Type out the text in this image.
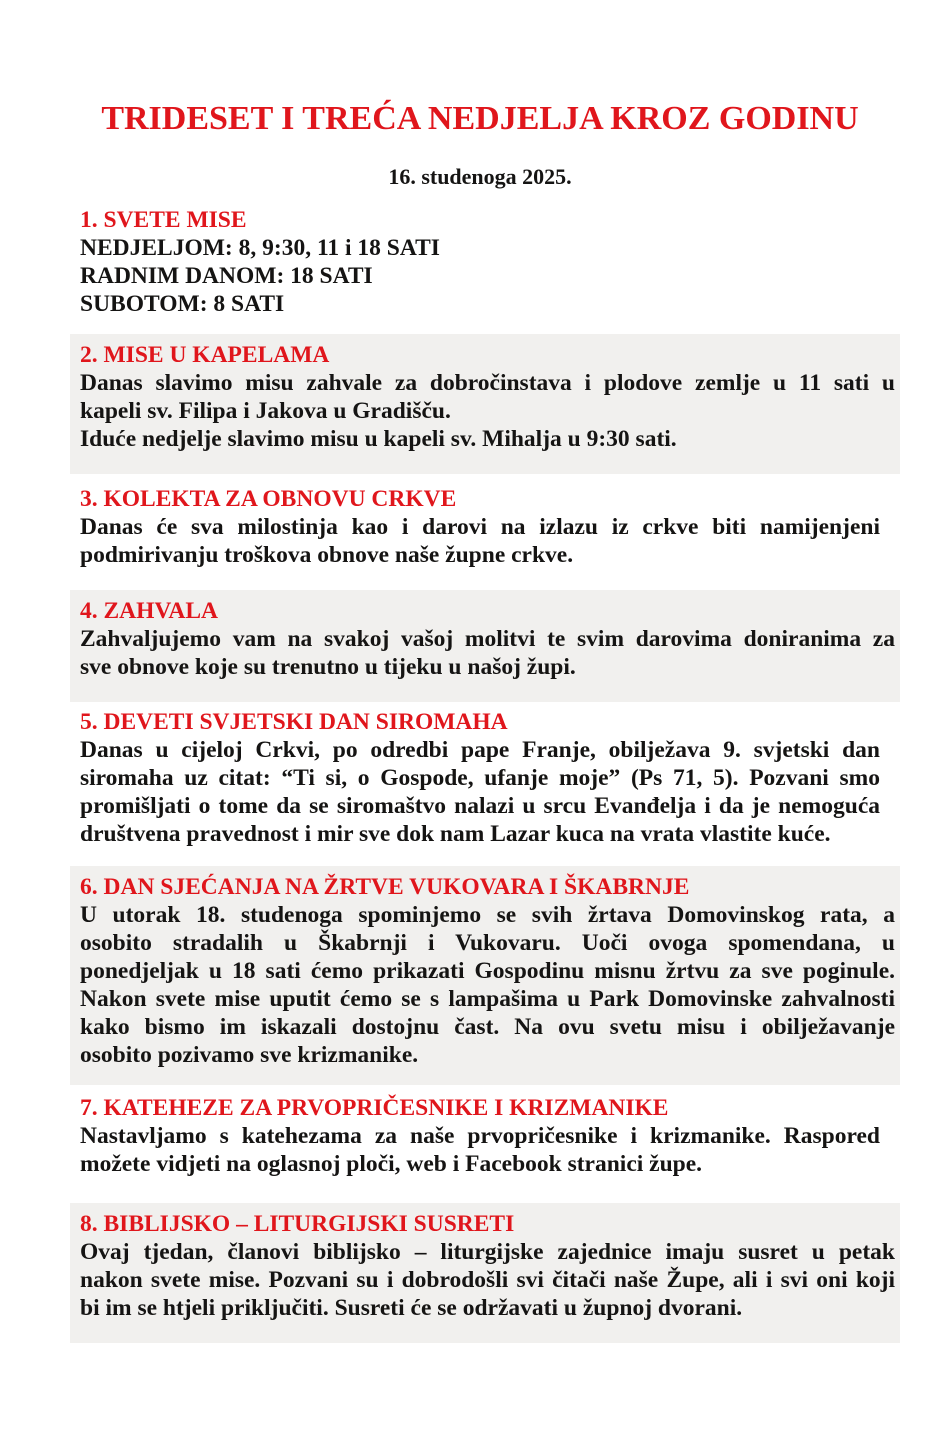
TRIDESET I TREĆA NEDJELJA KROZ GODINU
16. studenoga 2025.
1. SVETE MISE
NEDJELJOM: 8, 9:30, 11 i 18 SATI
RADNIM DANOM: 18 SATI
SUBOTOM: 8 SATI
2. MISE U KAPELAMA
Danas slavimo misu zahvale za dobročinstava i plodove zemlje u 11 sati u
kapeli sv. Filipa i Jakova u Gradišču.
Iduće nedjelje slavimo misu u kapeli sv. Mihalja u 9:30 sati.
3. KOLEKTA ZA OBNOVU CRKVE
Danas će sva milostinja kao i darovi na izlazu iz crkve biti namijenjeni
podmirivanju troškova obnove naše župne crkve.
4. ZAHVALA
Zahvaljujemo vam na svakoj vašoj molitvi te svim darovima doniranima za
sve obnove koje su trenutno u tijeku u našoj župi.
5. DEVETI SVJETSKI DAN SIROMAHA
Danas u cijeloj Crkvi, po odredbi pape Franje, obilježava 9. svjetski dan
siromaha uz citat: “Ti si, o Gospode, ufanje moje” (Ps 71, 5). Pozvani smo
promišljati o tome da se siromaštvo nalazi u srcu Evanđelja i da je nemoguća
društvena pravednost i mir sve dok nam Lazar kuca na vrata vlastite kuće.
6. DAN SJEĆANJA NA ŽRTVE VUKOVARA I ŠKABRNJE
U utorak 18. studenoga spominjemo se svih žrtava Domovinskog rata, a
osobito stradalih u Škabrnji i Vukovaru. Uoči ovoga spomendana, u
ponedjeljak u 18 sati ćemo prikazati Gospodinu misnu žrtvu za sve poginule.
Nakon svete mise uputit ćemo se s lampašima u Park Domovinske zahvalnosti
kako bismo im iskazali dostojnu čast. Na ovu svetu misu i obilježavanje
osobito pozivamo sve krizmanike.
7. KATEHEZE ZA PRVOPRIČESNIKE I KRIZMANIKE
Nastavljamo s katehezama za naše prvopričesnike i krizmanike. Raspored
možete vidjeti na oglasnoj ploči, web i Facebook stranici župe.
8. BIBLIJSKO – LITURGIJSKI SUSRETI
Ovaj tjedan, članovi biblijsko – liturgijske zajednice imaju susret u petak
nakon svete mise. Pozvani su i dobrodošli svi čitači naše Župe, ali i svi oni koji
bi im se htjeli priključiti. Susreti će se održavati u župnoj dvorani.
